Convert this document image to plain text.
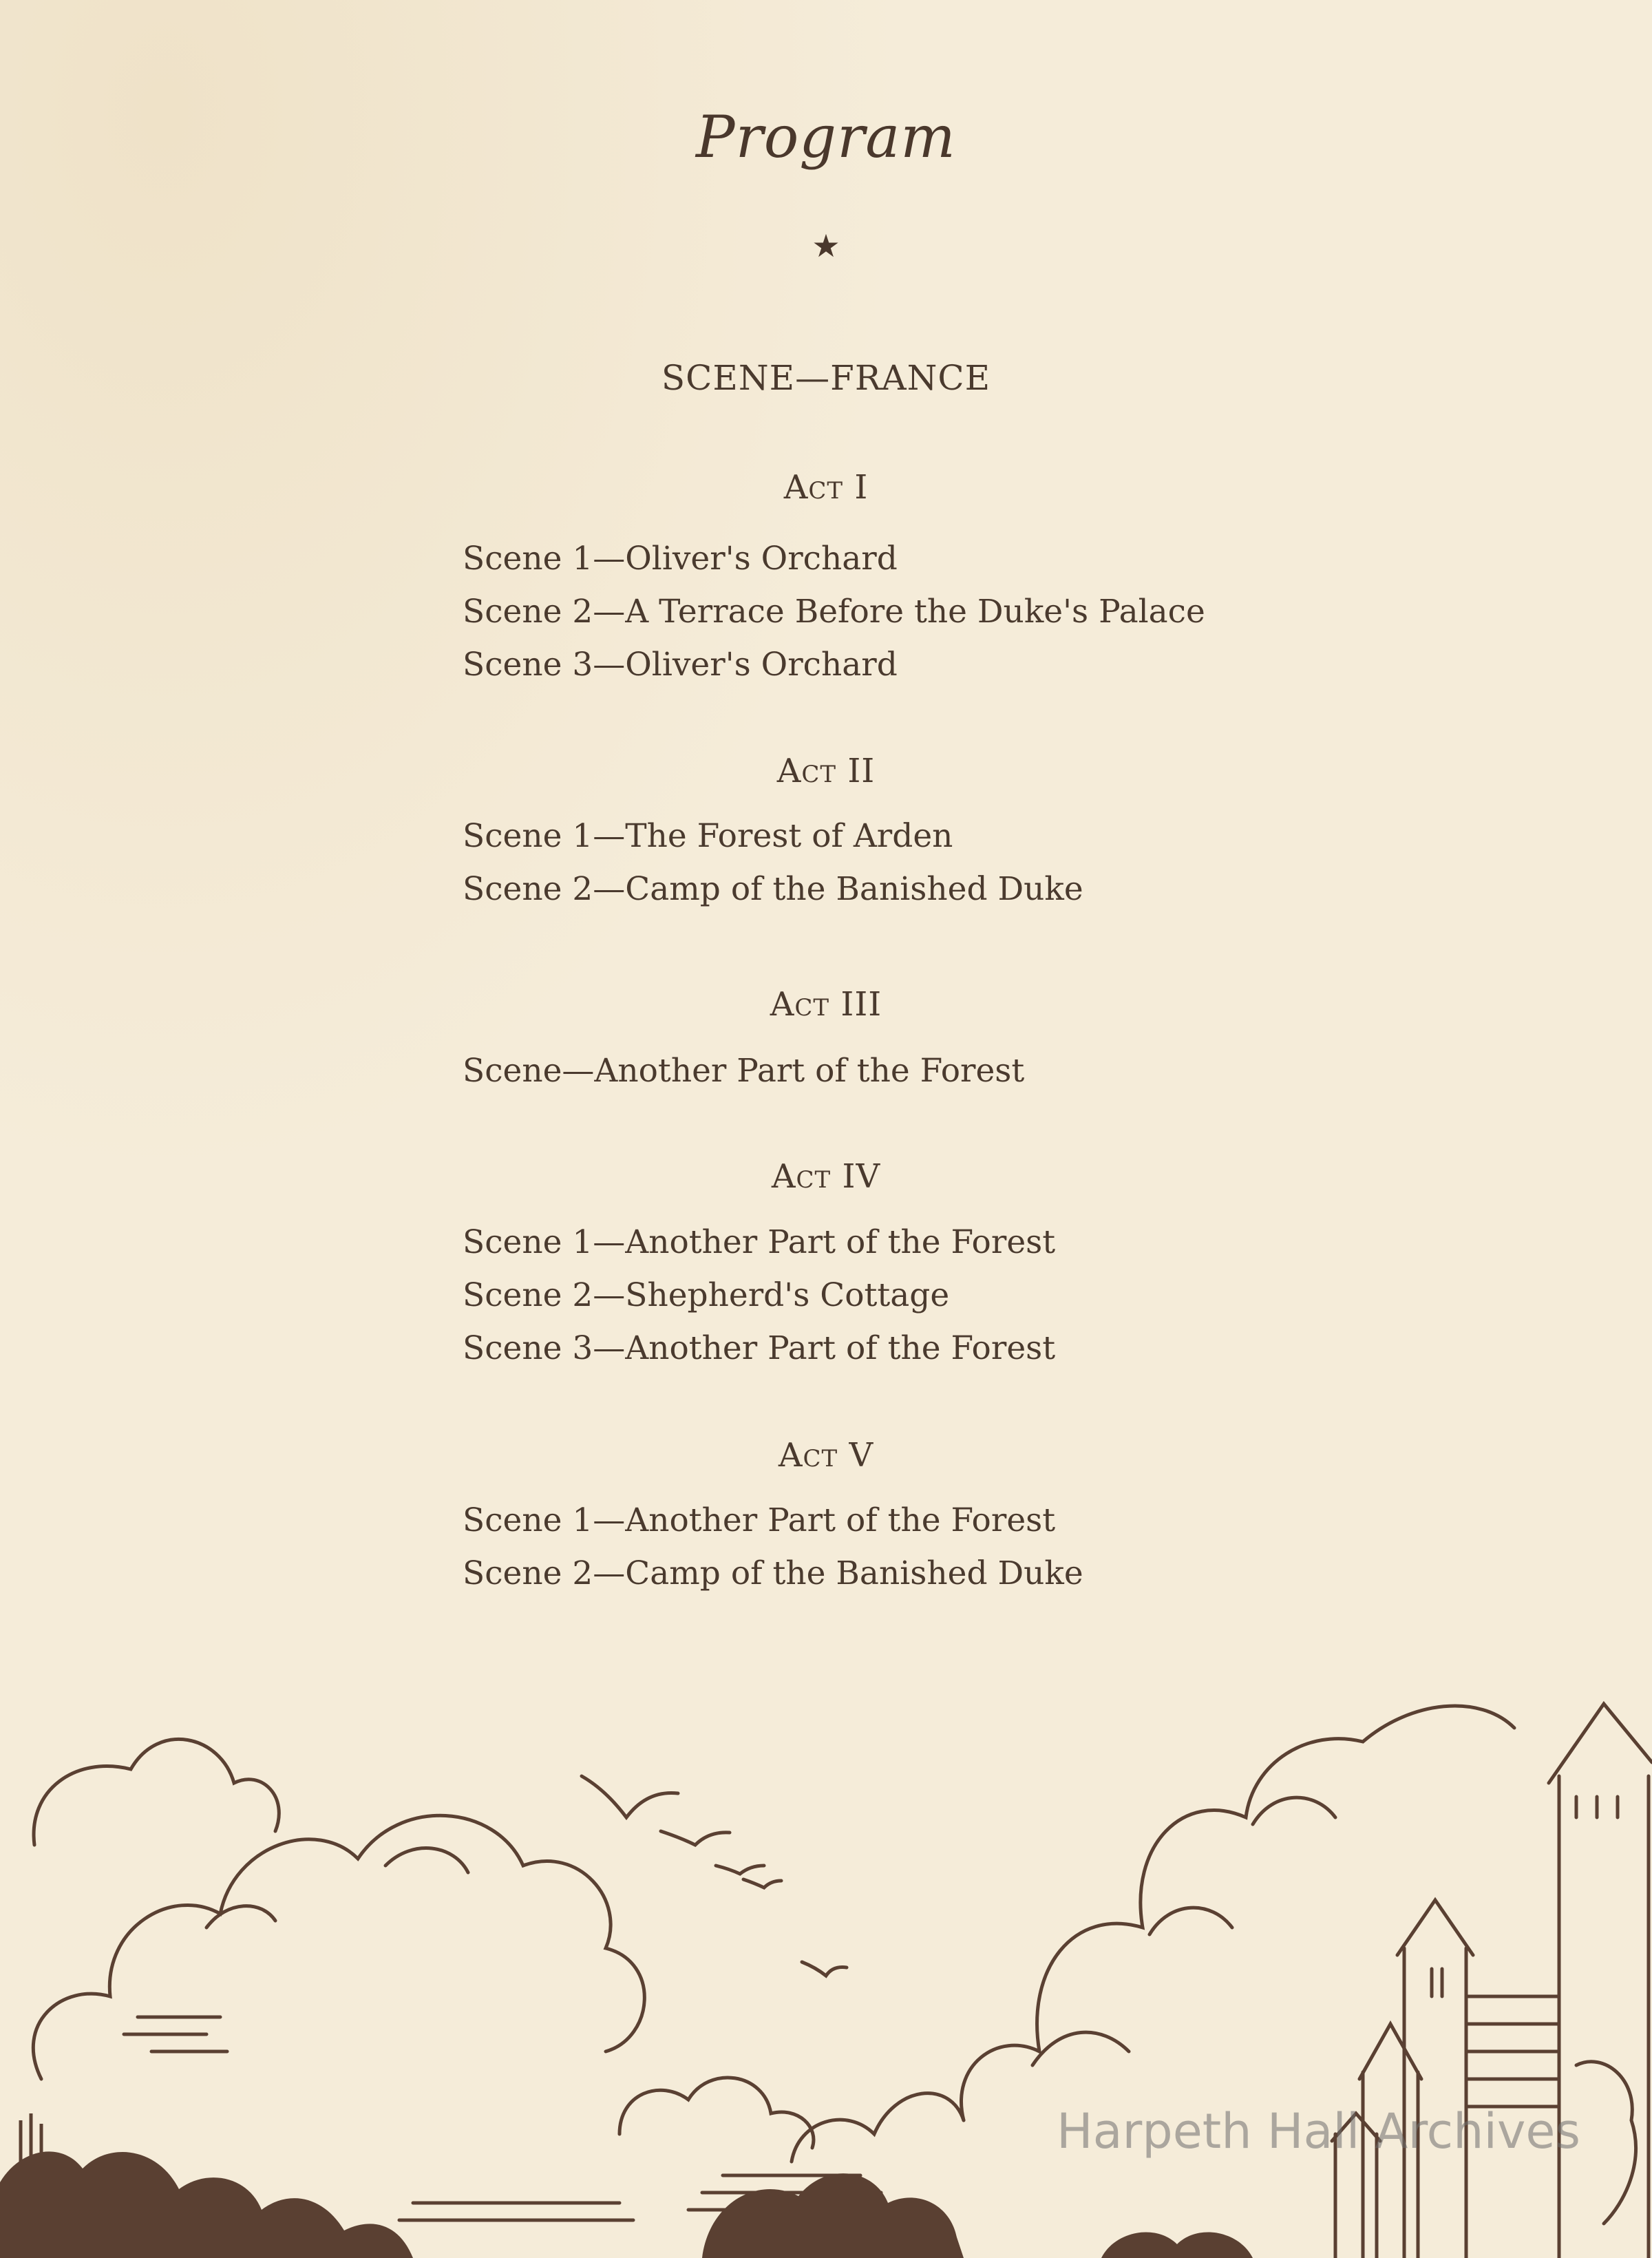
Program
★
SCENE—FRANCE
Act I
Scene 1—Oliver's Orchard
Scene 2—A Terrace Before the Duke's Palace
Scene 3—Oliver's Orchard
Act II
Scene 1—The Forest of Arden
Scene 2—Camp of the Banished Duke
Act III
Scene—Another Part of the Forest
Act IV
Scene 1—Another Part of the Forest
Scene 2—Shepherd's Cottage
Scene 3—Another Part of the Forest
Act V
Scene 1—Another Part of the Forest
Scene 2—Camp of the Banished Duke
Harpeth Hall Archives
